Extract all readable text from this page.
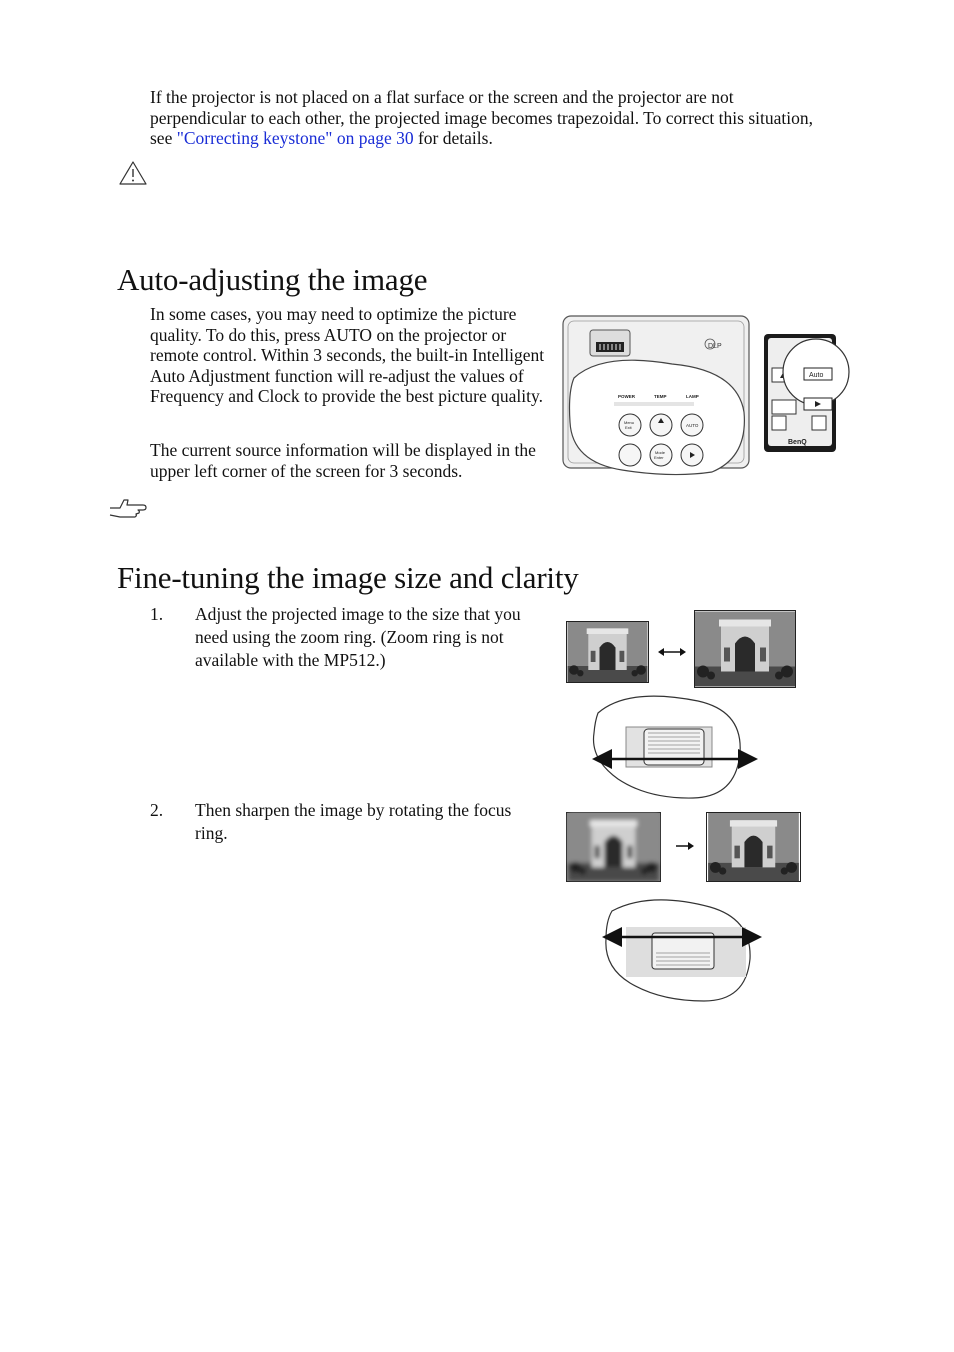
If the projector is not placed on a flat surface or the screen and the projector are not perpendicular to each other, the projected image becomes trapezoidal. To correct this situation, see "Correcting keystone" on page 30 for details.
Auto-adjusting the image
In some cases, you may need to optimize the picture quality. To do this, press AUTO on the projector or remote control. Within 3 seconds, the built-in Intelligent Auto Adjustment function will re-adjust the values of Frequency and Clock to provide the best picture quality.
The current source information will be displayed in the upper left corner of the screen for 3 seconds.
DLP
POWER	TEMP	LAMP
Menu
Exit	AUTO
Mode
Enter
BenQ
Auto
Fine-tuning the image size and clarity
1.	Adjust the projected image to the size that you need using the zoom ring. (Zoom ring is not available with the MP512.)
2.	Then sharpen the image by rotating the focus ring.
